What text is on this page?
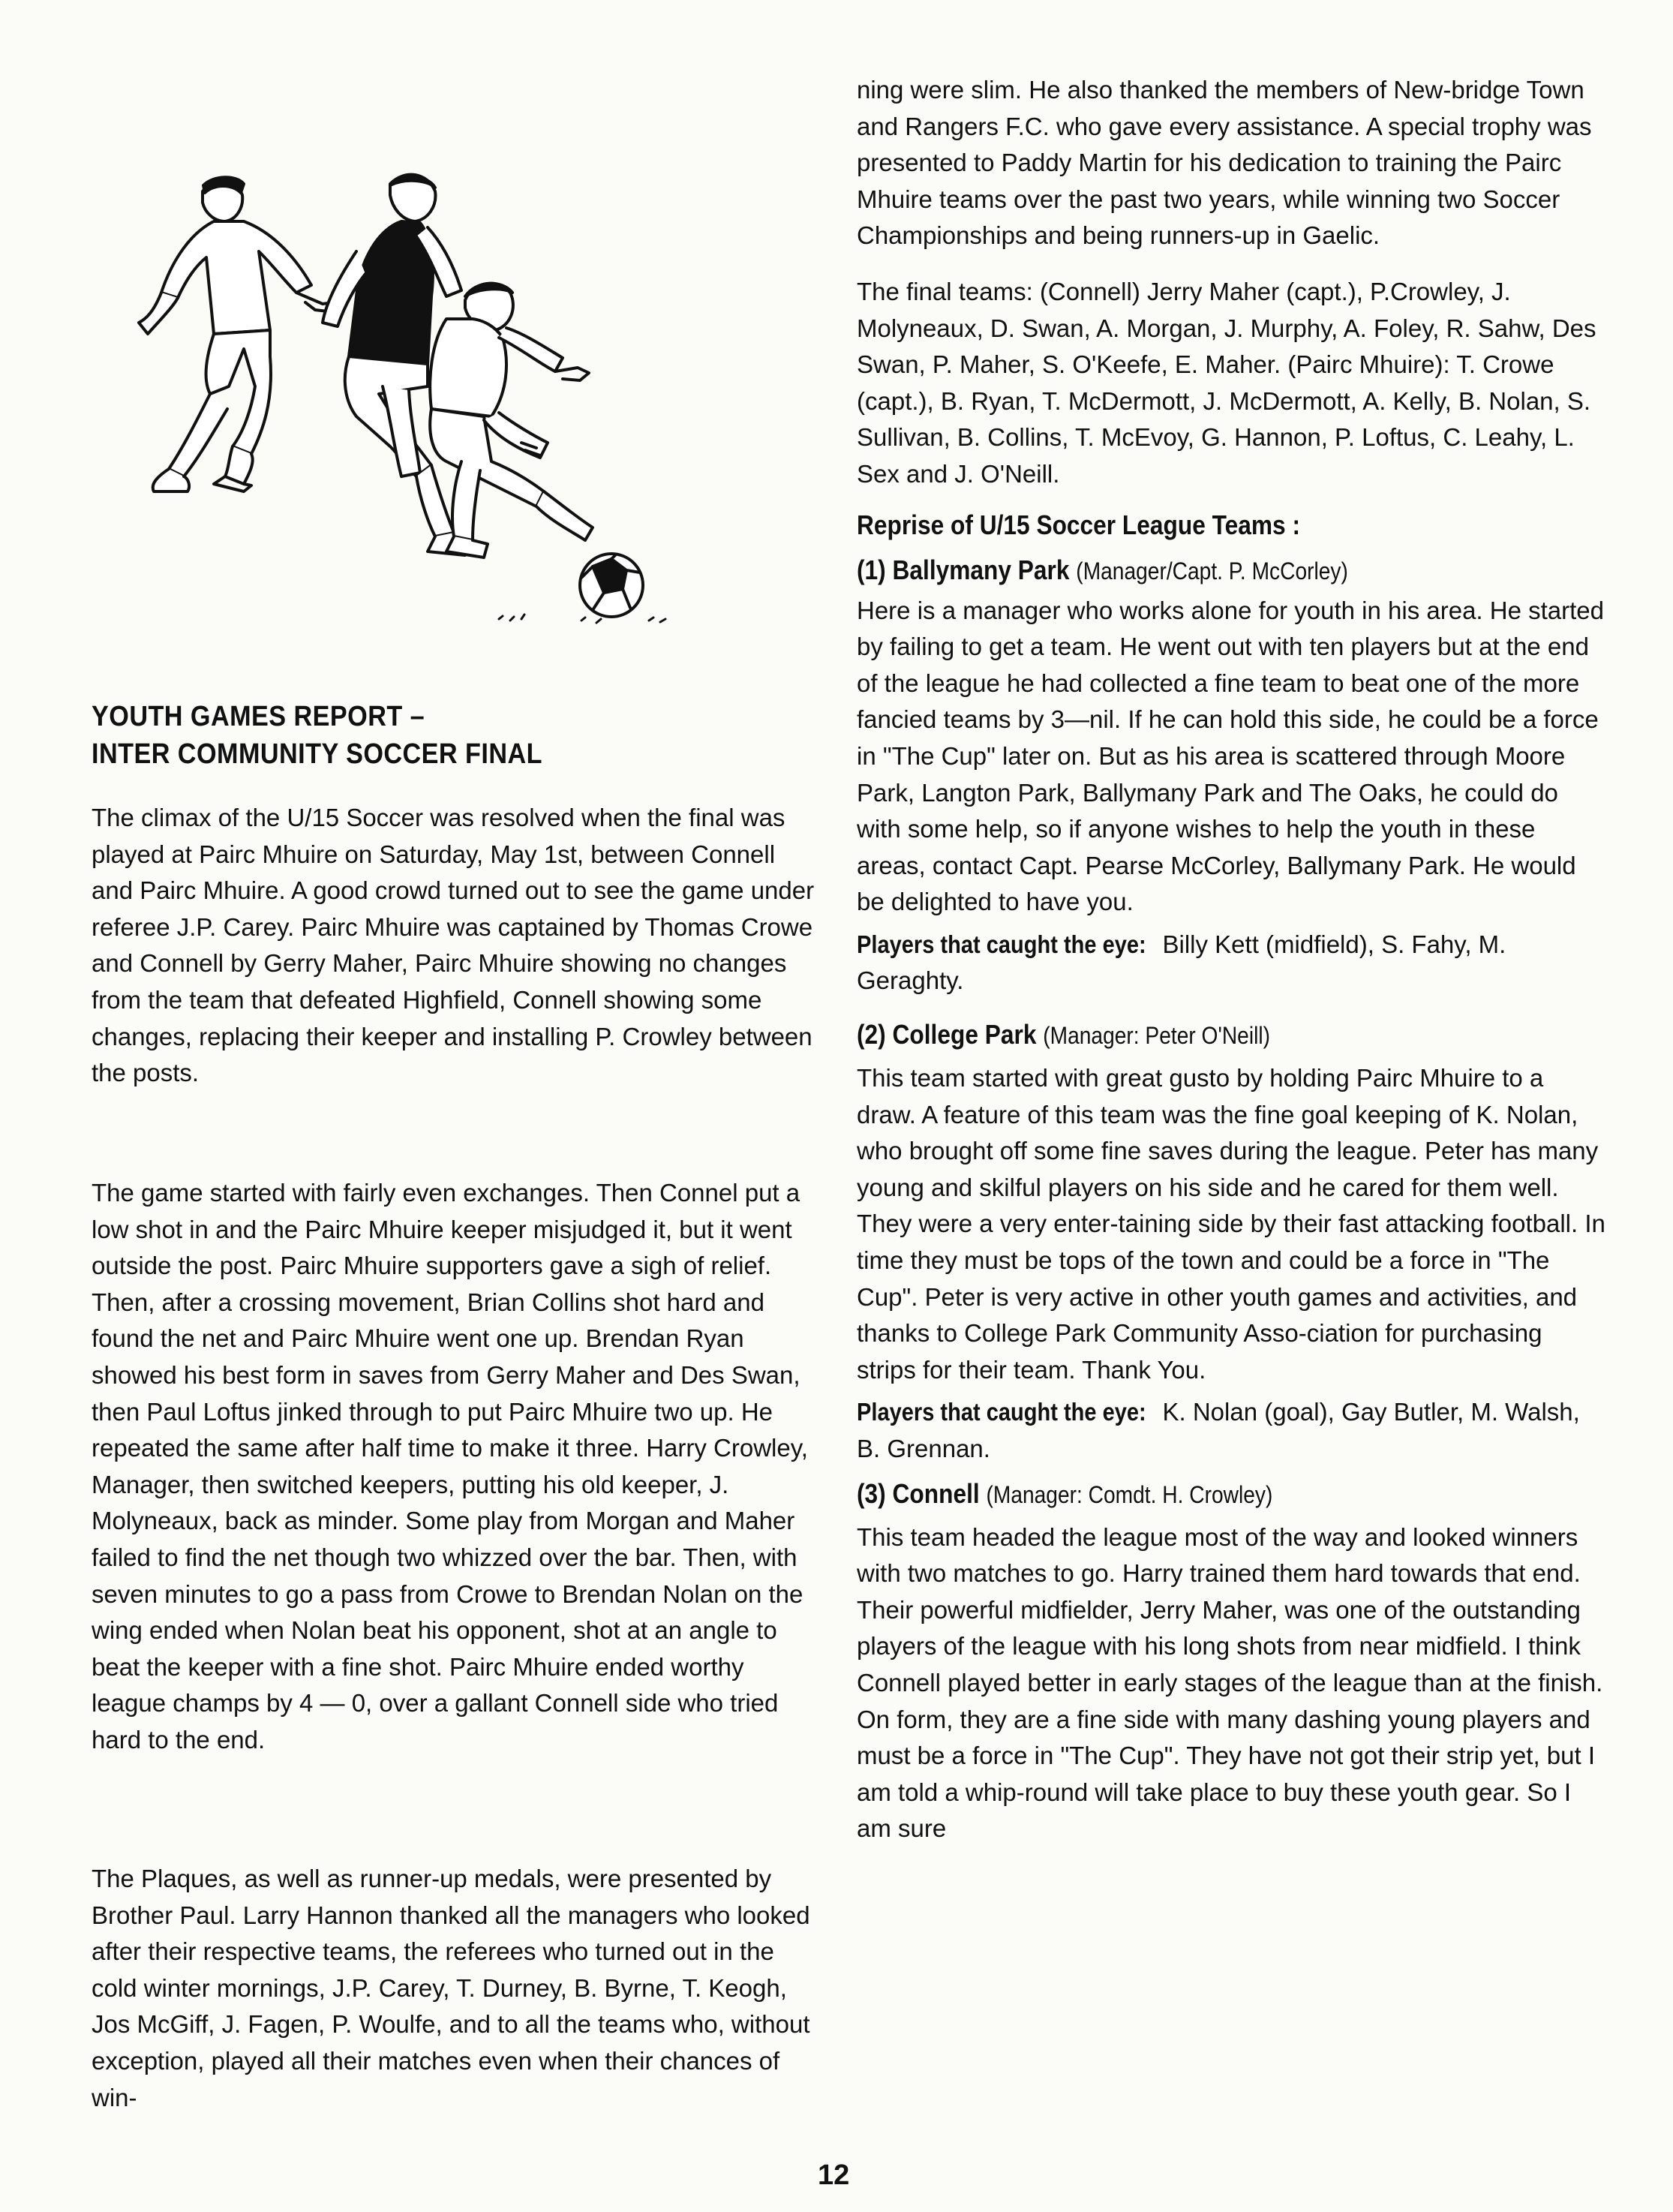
YOUTH GAMES REPORT –
INTER COMMUNITY SOCCER FINAL

The climax of the U/15 Soccer was resolved when the final was played at Pairc Mhuire on Saturday, May 1st, between Connell and Pairc Mhuire. A good crowd turned out to see the game under referee J.P. Carey. Pairc Mhuire was captained by Thomas Crowe and Connell by Gerry Maher, Pairc Mhuire showing no changes from the team that defeated Highfield, Connell showing some changes, replacing their keeper and installing P. Crowley between the posts.

The game started with fairly even exchanges. Then Connel put a low shot in and the Pairc Mhuire keeper misjudged it, but it went outside the post. Pairc Mhuire supporters gave a sigh of relief. Then, after a crossing movement, Brian Collins shot hard and found the net and Pairc Mhuire went one up. Brendan Ryan showed his best form in saves from Gerry Maher and Des Swan, then Paul Loftus jinked through to put Pairc Mhuire two up. He repeated the same after half time to make it three. Harry Crowley, Manager, then switched keepers, putting his old keeper, J. Molyneaux, back as minder. Some play from Morgan and Maher failed to find the net though two whizzed over the bar. Then, with seven minutes to go a pass from Crowe to Brendan Nolan on the wing ended when Nolan beat his opponent, shot at an angle to beat the keeper with a fine shot. Pairc Mhuire ended worthy league champs by 4 — 0, over a gallant Connell side who tried hard to the end.

The Plaques, as well as runner-up medals, were presented by Brother Paul. Larry Hannon thanked all the managers who looked after their respective teams, the referees who turned out in the cold winter mornings, J.P. Carey, T. Durney, B. Byrne, T. Keogh, Jos McGiff, J. Fagen, P. Woulfe, and to all the teams who, without exception, played all their matches even when their chances of win-

ning were slim. He also thanked the members of New-bridge Town and Rangers F.C. who gave every assistance. A special trophy was presented to Paddy Martin for his dedication to training the Pairc Mhuire teams over the past two years, while winning two Soccer Championships and being runners-up in Gaelic.

The final teams: (Connell) Jerry Maher (capt.), P.Crowley, J. Molyneaux, D. Swan, A. Morgan, J. Murphy, A. Foley, R. Sahw, Des Swan, P. Maher, S. O'Keefe, E. Maher. (Pairc Mhuire): T. Crowe (capt.), B. Ryan, T. McDermott, J. McDermott, A. Kelly, B. Nolan, S. Sullivan, B. Collins, T. McEvoy, G. Hannon, P. Loftus, C. Leahy, L. Sex and J. O'Neill.

Reprise of U/15 Soccer League Teams :
(1) Ballymany Park (Manager/Capt. P. McCorley)

Here is a manager who works alone for youth in his area. He started by failing to get a team. He went out with ten players but at the end of the league he had collected a fine team to beat one of the more fancied teams by 3—nil. If he can hold this side, he could be a force in "The Cup" later on. But as his area is scattered through Moore Park, Langton Park, Ballymany Park and The Oaks, he could do with some help, so if anyone wishes to help the youth in these areas, contact Capt. Pearse McCorley, Ballymany Park. He would be delighted to have you.

Players that caught the eye: Billy Kett (midfield), S. Fahy, M. Geraghty.

(2) College Park (Manager: Peter O'Neill)

This team started with great gusto by holding Pairc Mhuire to a draw. A feature of this team was the fine goal keeping of K. Nolan, who brought off some fine saves during the league. Peter has many young and skilful players on his side and he cared for them well. They were a very enter-taining side by their fast attacking football. In time they must be tops of the town and could be a force in "The Cup". Peter is very active in other youth games and activities, and thanks to College Park Community Asso-ciation for purchasing strips for their team. Thank You.

Players that caught the eye: K. Nolan (goal), Gay Butler, M. Walsh, B. Grennan.

(3) Connell (Manager: Comdt. H. Crowley)

This team headed the league most of the way and looked winners with two matches to go. Harry trained them hard towards that end. Their powerful midfielder, Jerry Maher, was one of the outstanding players of the league with his long shots from near midfield. I think Connell played better in early stages of the league than at the finish. On form, they are a fine side with many dashing young players and must be a force in "The Cup". They have not got their strip yet, but I am told a whip-round will take place to buy these youth gear. So I am sure

12
